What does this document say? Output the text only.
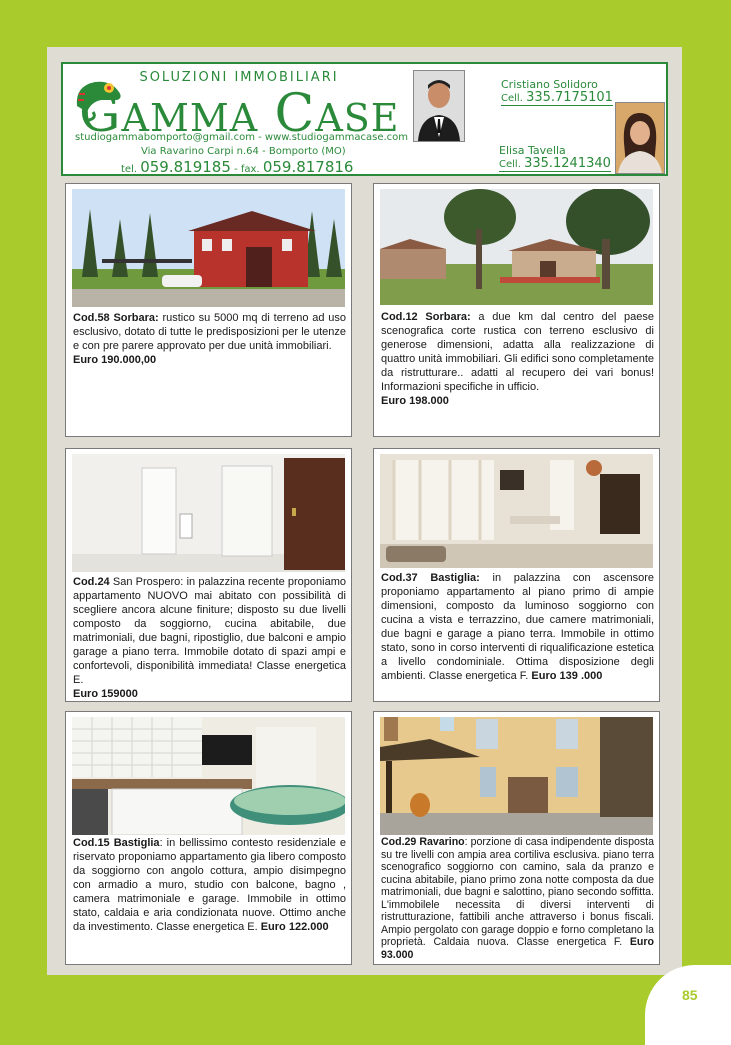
SOLUZIONI IMMOBILIARI
GAMMA CASE
studiogammabomporto@gmail.com - www.studiogammacase.com
Via Ravarino Carpi n.64 - Bomporto (MO)
tel. 059.819185 - fax. 059.817816
Cristiano Solidoro
Cell. 335.7175101
Elisa Tavella
Cell. 335.1241340
Cod.58 Sorbara: rustico su 5000 mq di terreno ad uso esclusivo, dotato di tutte le predisposizioni per le utenze e con pre parere approvato per due unità immobiliari.
Euro 190.000,00
Cod.12 Sorbara: a due km dal centro del paese scenografica corte rustica con terreno esclusivo di generose dimensioni, adatta alla realizzazione di quattro unità immobiliari. Gli edifici sono completamente da ristrutturare.. adatti al recupero dei vari bonus! Informazioni specifiche in ufficio.
Euro 198.000
Cod.24 San Prospero: in palazzina recente proponiamo appartamento NUOVO mai abitato con possibilità di scegliere ancora alcune finiture; disposto su due livelli composto da soggiorno, cucina abitabile, due matrimoniali, due bagni, ripostiglio, due balconi e ampio garage a piano terra. Immobile dotato di spazi ampi e confortevoli, disponibilità immediata! Classe energetica E.
Euro 159000
Cod.37 Bastiglia: in palazzina con ascensore proponiamo appartamento al piano primo di ampie dimensioni, composto da luminoso soggiorno con cucina a vista e terrazzino, due camere matrimoniali, due bagni e garage a piano terra. Immobile in ottimo stato, sono in corso interventi di riqualificazione estetica a livello condominiale. Ottima disposizione degli ambienti. Classe energetica F. Euro 139 .000
Cod.15 Bastiglia: in bellissimo contesto residenziale e riservato proponiamo appartamento gia libero composto da soggiorno con angolo cottura, ampio disimpegno con armadio a muro, studio con balcone, bagno , camera matrimoniale e garage. Immobile in ottimo stato, caldaia e aria condizionata nuove. Ottimo anche da investimento. Classe energetica E. Euro 122.000
Cod.29 Ravarino: porzione di casa indipendente disposta su tre livelli con ampia area cortiliva esclusiva. piano terra scenografico soggiorno con camino, sala da pranzo e cucina abitabile, piano primo zona notte composta da due matrimoniali, due bagni e salottino, piano secondo soffitta. L'immobilele necessita di diversi interventi di ristrutturazione, fattibili anche attraverso i bonus fiscali. Ampio pergolato con garage doppio e forno completano la proprietà. Caldaia nuova. Classe energetica F. Euro 93.000
85
